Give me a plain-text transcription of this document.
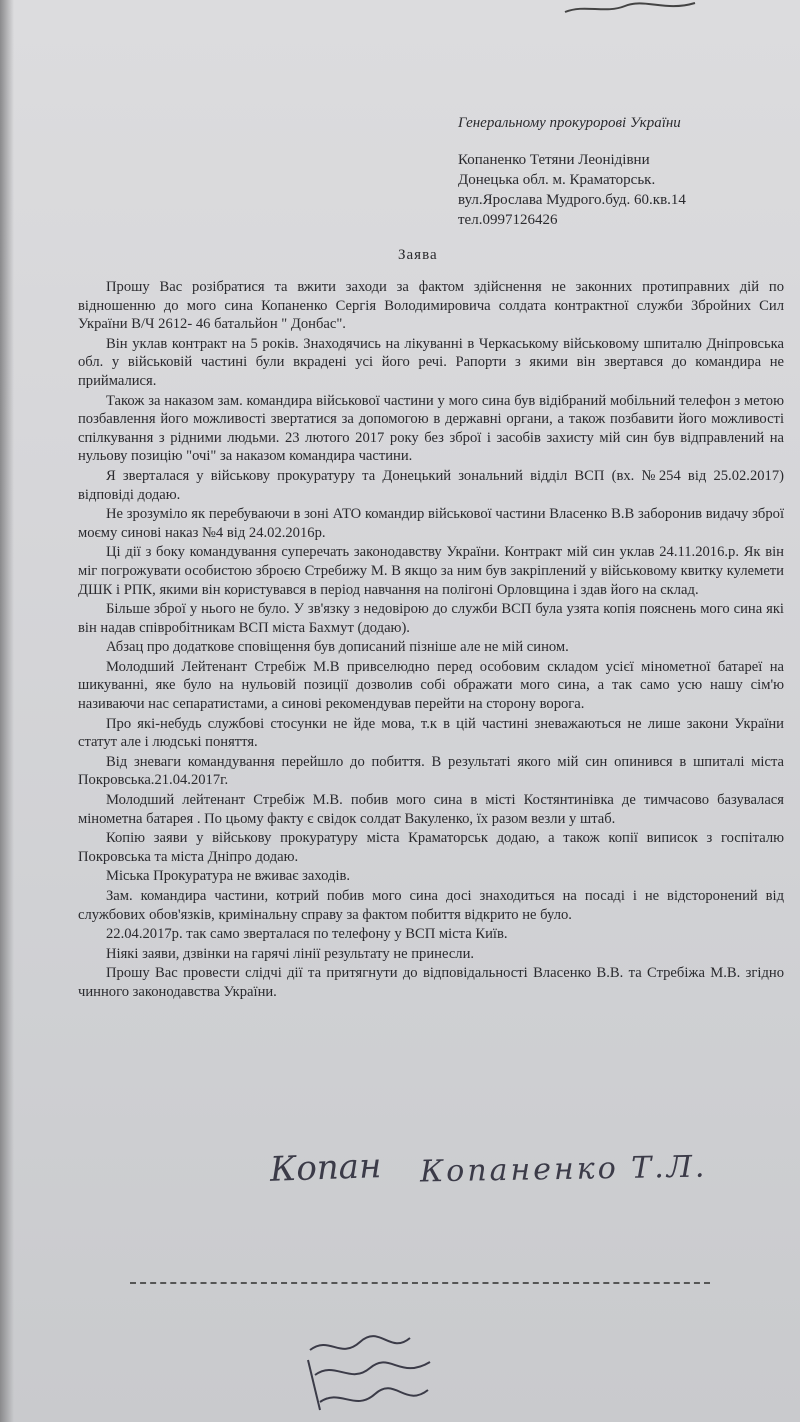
Генеральному прокуророві України
Копаненко Тетяни Леонідівни
Донецька обл. м. Краматорськ.
вул.Ярослава Мудрого.буд. 60.кв.14
тел.0997126426
Заява

Прошу Вас розібратися та вжити заходи за фактом здійснення не законних протиправних дій по відношенню до мого сина Копаненко Сергія Володимировича солдата контрактної служби Збройних Сил України В/Ч 2612- 46 батальйон " Донбас".

Він уклав контракт на 5 років. Знаходячись на лікуванні в Черкаському військовому шпиталю Дніпровська обл. у військовій частині були вкрадені усі його речі. Рапорти з якими він звертався до командира не приймалися.

Також за наказом зам. командира військової частини у мого сина був відібраний мобільний телефон з метою позбавлення його можливості звертатися за допомогою в державні органи, а також позбавити його можливості спілкування з рідними людьми. 23 лютого 2017 року без зброї і засобів захисту мій син був відправлений на нульову позицію "очі" за наказом командира частини.

Я зверталася у військову прокуратуру та Донецький зональний відділ ВСП (вх. №254 від 25.02.2017) відповіді додаю.

Не зрозуміло як перебуваючи в зоні АТО командир військової частини Власенко В.В заборонив видачу зброї моєму синові наказ №4 від 24.02.2016р.

Ці дії з боку командування суперечать законодавству України. Контракт мій син уклав 24.11.2016.р. Як він міг погрожувати особистою зброєю Стребижу М. В якщо за ним був закріплений у військовому квитку кулемети ДШК і РПК, якими він користувався в період навчання на полігоні Орловщина і здав його на склад.

Більше зброї у нього не було. У зв'язку з недовірою до служби ВСП була узята копія пояснень мого сина які він надав співробітникам ВСП міста Бахмут (додаю).

Абзац про додаткове сповіщення був дописаний пізніше але не мій сином.

Молодший Лейтенант Стребіж М.В привселюдно перед особовим складом усієї мінометної батареї на шикуванні, яке було на нульовій позиції дозволив собі ображати мого сина, а так само усю нашу сім'ю називаючи нас сепаратистами, а синові рекомендував перейти на сторону ворога.

Про які-небудь службові стосунки не йде мова, т.к в цій частині зневажаються не лише закони України статут але і людські поняття.

Від зневаги командування перейшло до побиття. В результаті якого мій син опинився в шпиталі міста Покровська.21.04.2017г.

Молодший лейтенант Стребіж М.В. побив мого сина в місті Костянтинівка де тимчасово базувалася мінометна батарея . По цьому факту є свідок солдат Вакуленко, їх разом везли у штаб.

Копію заяви у військову прокуратуру міста Краматорськ додаю, а також копії виписок з госпіталю Покровська та міста Дніпро додаю.

Міська Прокуратура не вживає заходів.

Зам. командира частини, котрий побив мого сина досі знаходиться на посаді і не відсторонений від службових обов'язків, кримінальну справу за фактом побиття відкрито не було.

22.04.2017р. так само зверталася по телефону у ВСП міста Київ.

Ніякі заяви, дзвінки на гарячі лінії результату не принесли.

Прошу Вас провести слідчі дії та притягнути до відповідальності Власенко В.В. та Стребіжа М.В. згідно чинного законодавства України.

Копан Копаненко Т.Л.
